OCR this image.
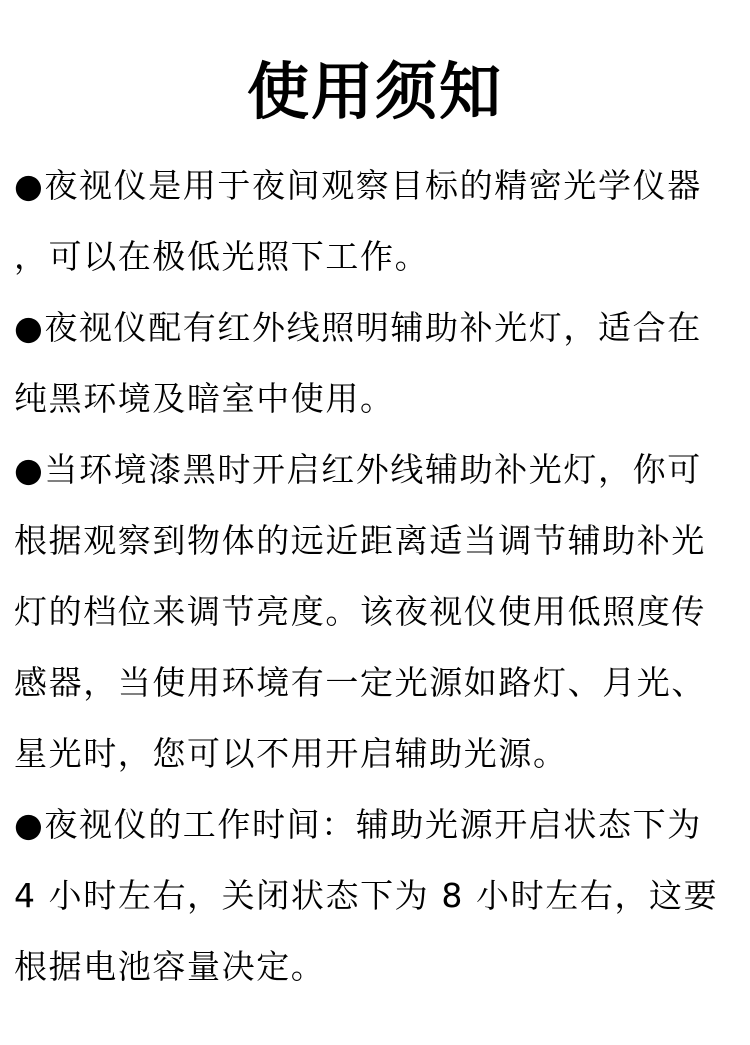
使用须知
●夜视仪是用于夜间观察目标的精密光学仪器
，可以在极低光照下工作。
●夜视仪配有红外线照明辅助补光灯，适合在
纯黑环境及暗室中使用。
●当环境漆黑时开启红外线辅助补光灯，你可
根据观察到物体的远近距离适当调节辅助补光
灯的档位来调节亮度。该夜视仪使用低照度传
感器，当使用环境有一定光源如路灯、月光、
星光时，您可以不用开启辅助光源。
●夜视仪的工作时间：辅助光源开启状态下为
4 小时左右，关闭状态下为 8 小时左右，这要
根据电池容量决定。
